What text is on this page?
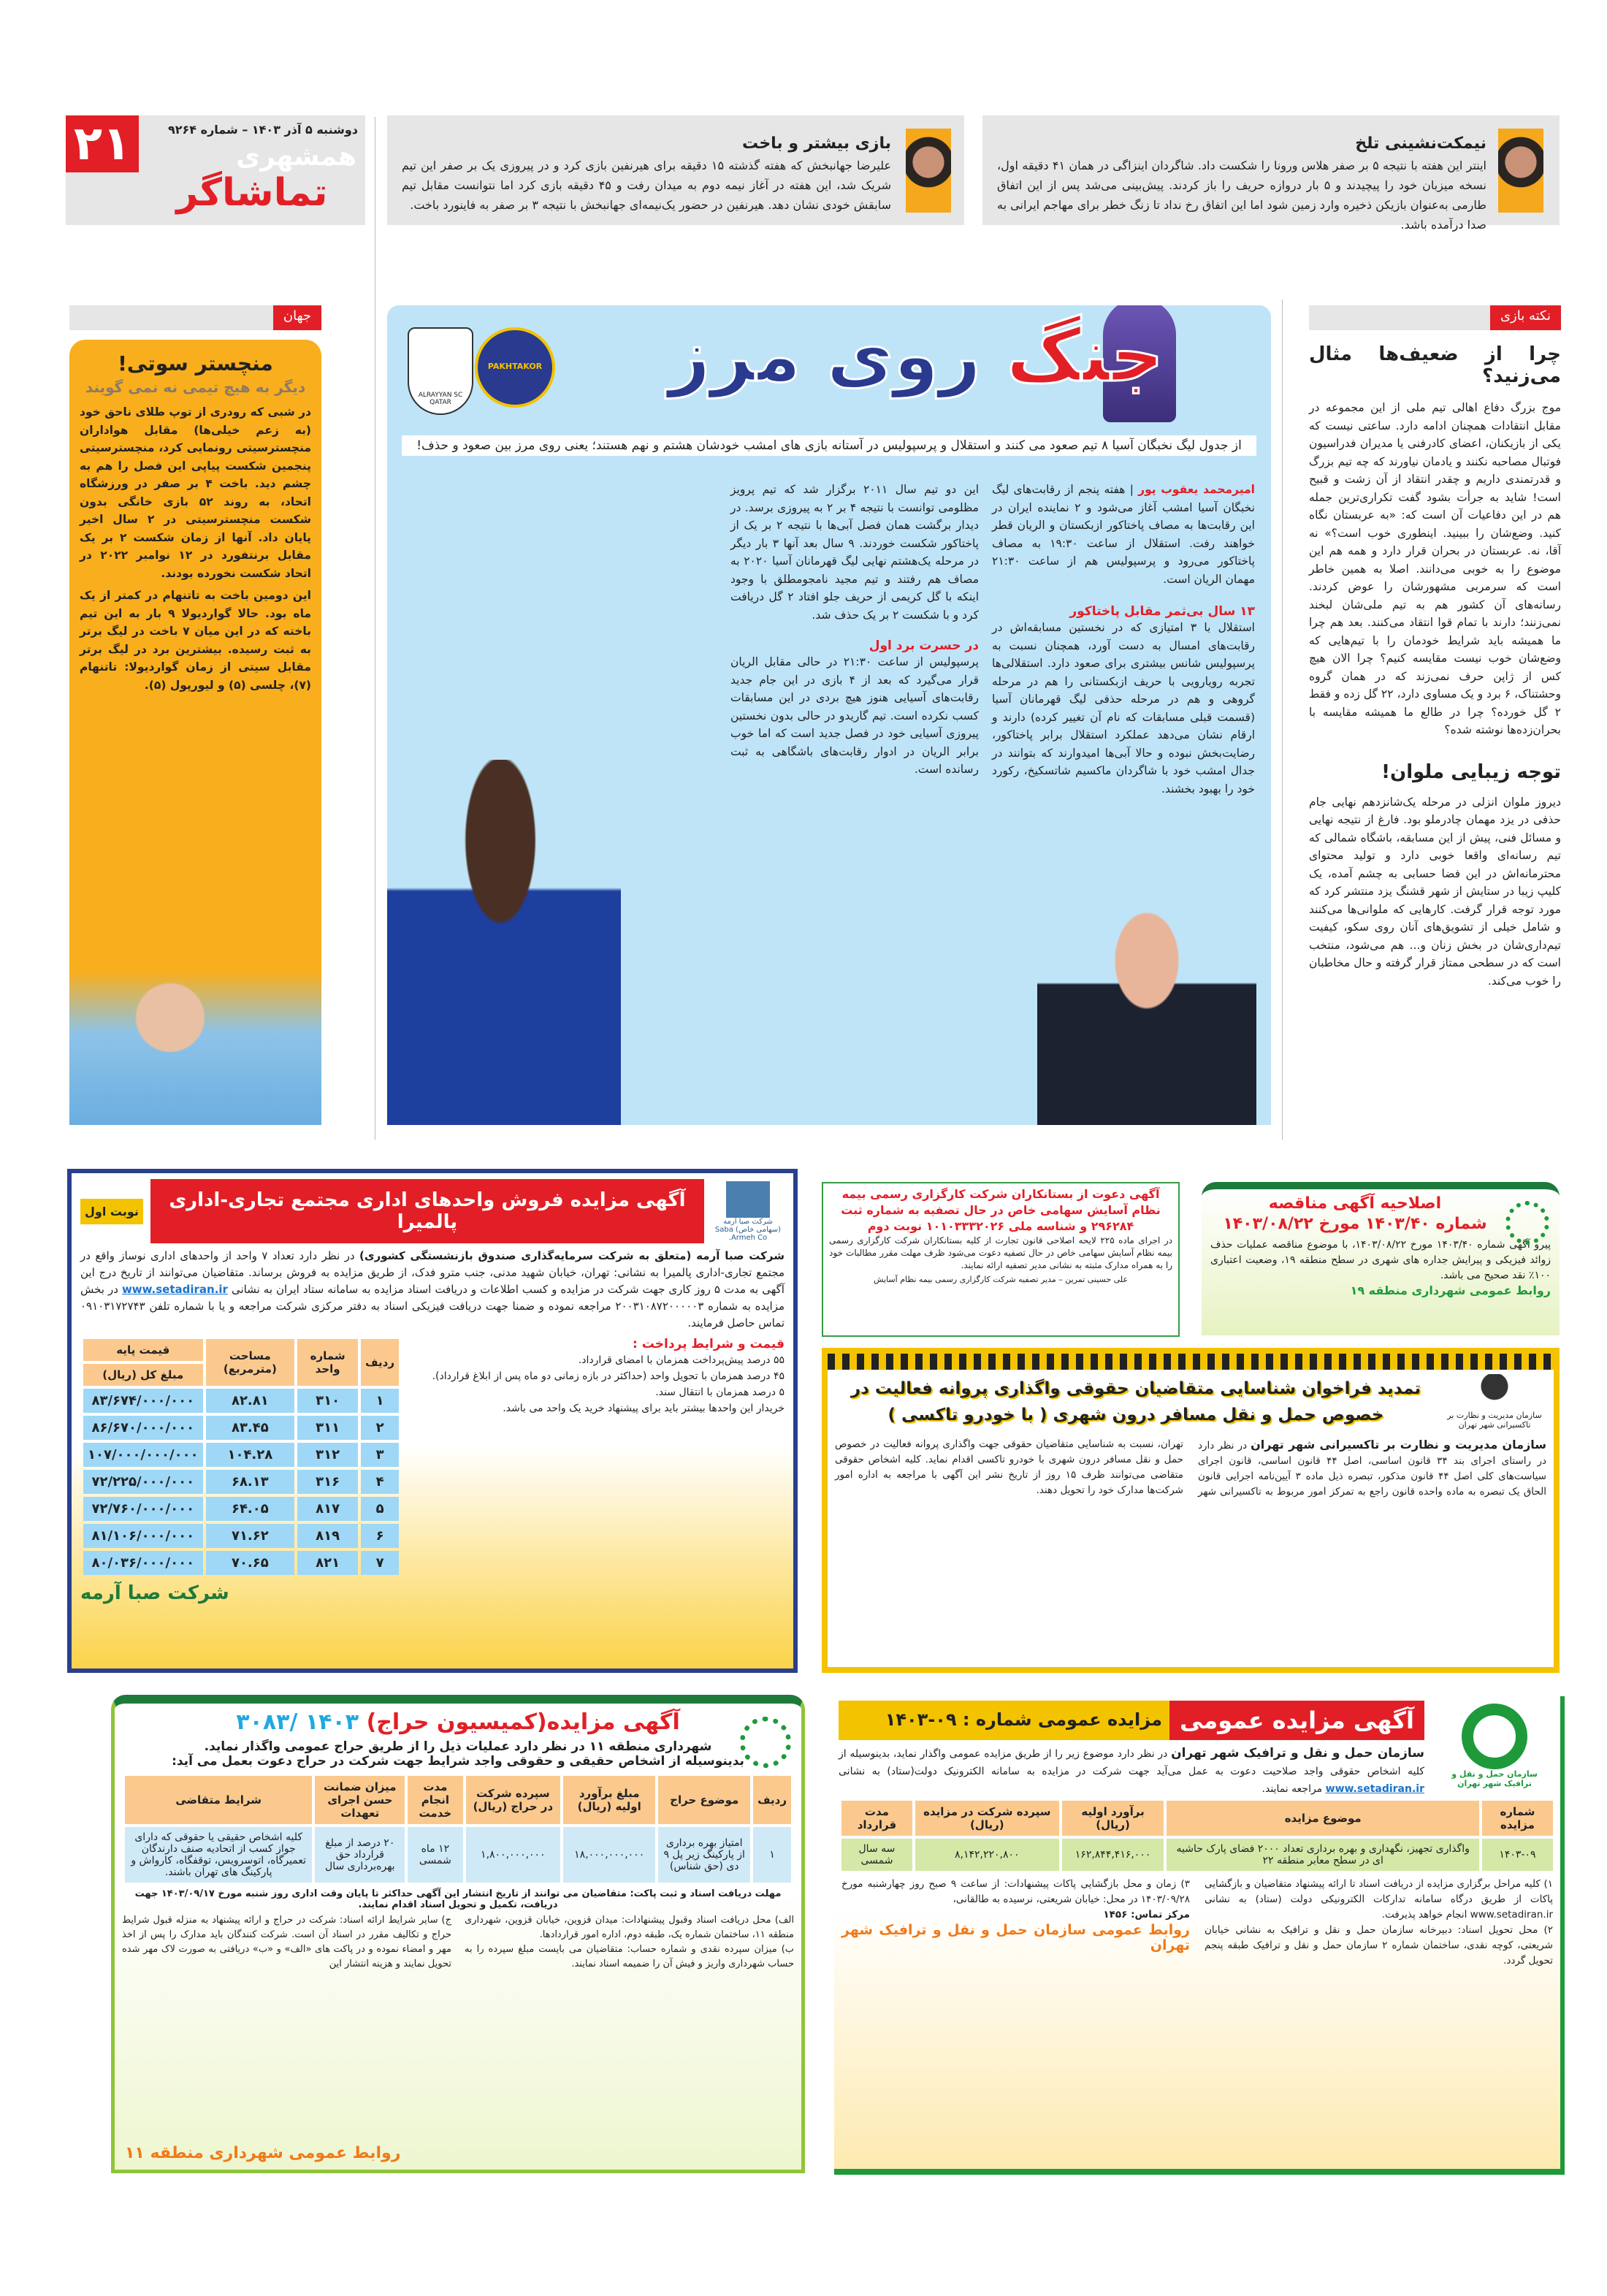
نیمکت‌نشینی تلخ
اینتر این هفته با نتیجه ۵ بر صفر هلاس ورونا را شکست داد. شاگردان اینزاگی در همان ۴۱ دقیقه اول، نسخه میزبان خود را پیچیدند و ۵ بار دروازه حریف را باز کردند. پیش‌بینی می‌شد پس از این اتفاق طارمی به‌عنوان بازیکن ذخیره وارد زمین شود اما این اتفاق رخ نداد تا زنگ خطر برای مهاجم ایرانی به صدا درآمده باشد.
بازی بیشتر و باخت
علیرضا جهانبخش که هفته گذشته ۱۵ دقیقه برای هیرنفین بازی کرد و در پیروزی یک بر صفر این تیم شریک شد، این هفته در آغاز نیمه دوم به میدان رفت و ۴۵ دقیقه بازی کرد اما نتوانست مقابل تیم سابقش خودی نشان دهد. هیرنفین در حضور یک‌نیمه‌ای جهانبخش با نتیجه ۳ بر صفر به فاینورد باخت.
۲۱	دوشنبه ۵ آذر ۱۴۰۳ – شماره ۹۲۶۴
همشهری
تماشاگر
جهان
منچستر سوتی!
دیگر به هیچ تیمی نه نمی گویند

در شبی که رودری از توپ طلای ناحق خود (به زعم خیلی‌ها) مقابل هواداران منچسترسیتی رونمایی کرد، منچسترسیتی پنجمین شکست پیاپی این فصل را هم به چشم دید. باخت ۴ بر صفر در ورزشگاه اتحاد، به روند ۵۲ بازی خانگی بدون شکست منچسترسیتی در ۲ سال اخیر پایان داد. آنها از زمان شکست ۲ بر یک مقابل برنتفورد در ۱۲ نوامبر ۲۰۲۲ در اتحاد شکست نخورده بودند.

این دومین باخت به تاتنهام در کمتر از یک ماه بود. حالا گواردیولا ۹ بار به این تیم باخته که در این میان ۷ باخت در لیگ برتر به ثبت رسیده. بیشترین برد در لیگ برتر مقابل سیتی از زمان گواردیولا: تاتنهام (۷)، چلسی (۵) و لیورپول (۵).

نکته بازی
چرا از ضعیف‌ها مثال می‌زنید؟

موج بزرگ دفاع اهالی تیم ملی از این مجموعه در مقابل انتقادات همچنان ادامه دارد. ساعتی نیست که یکی از بازیکنان، اعضای کادرفنی یا مدیران فدراسیون فوتبال مصاحبه نکنند و یادمان نیاورند که چه تیم بزرگ و قدرتمندی داریم و چقدر انتقاد از آن زشت و قبیح است! شاید به جرأت بشود گفت تکراری‌ترین جمله هم در این دفاعیات آن است که: «به عربستان نگاه کنید. وضع‌شان را ببینید. اینطوری خوب است؟» نه آقا، نه. عربستان در بحران قرار دارد و همه هم این موضوع را به خوبی می‌دانند. اصلا به همین خاطر است که سرمربی مشهورشان را عوض کردند. رسانه‌های آن کشور هم به تیم ملی‌شان لبخند نمی‌زنند؛ دارند با تمام قوا انتقاد می‌کنند. بعد هم چرا ما همیشه باید شرایط خودمان را با تیم‌هایی که وضع‌شان خوب نیست مقایسه کنیم؟ چرا الان هیچ کس از ژاپن حرف نمی‌زند که در همان گروه وحشتناک، ۶ برد و یک مساوی دارد، ۲۲ گل زده و فقط ۲ گل خورده؟ چرا در طالع ما همیشه مقایسه با بحران‌زده‌ها نوشته شده؟

توجه زیبایی ملوان!

دیروز ملوان انزلی در مرحله یک‌شانزدهم نهایی جام حذفی در یزد مهمان چادرملو بود. فارغ از نتیجه نهایی و مسائل فنی، پیش از این مسابقه، باشگاه شمالی که تیم رسانه‌ای واقعا خوبی دارد و تولید محتوای محترمانه‌اش در این فضا حسابی به چشم آمده، یک کلیپ زیبا در ستایش از شهر قشنگ یزد منتشر کرد که مورد توجه قرار گرفت. کارهایی که ملوانی‌ها می‌کنند و شامل خیلی از تشویق‌های آنان روی سکو، کیفیت تیم‌داری‌شان در بخش زنان و... هم می‌شود، منتخب است که در سطحی ممتاز قرار گرفته و حال مخاطبان را خوب می‌کند.

جنگ روی مرز
PAKHTAKOR
ALRAYYAN SC QATAR
از جدول لیگ نخبگان آسیا ۸ تیم صعود می کنند و استقلال و پرسپولیس در آستانه بازی های امشب خودشان هشتم و نهم هستند؛ یعنی روی مرز بین صعود و حذف!

امیرمحمد یعقوب پور | هفته پنجم از رقابت‌های لیگ نخبگان آسیا امشب آغاز می‌شود و ۲ نماینده ایران در این رقابت‌ها به مصاف پاختاکور ازبکستان و الریان قطر خواهند رفت. استقلال از ساعت ۱۹:۳۰ به مصاف پاختاکور می‌رود و پرسپولیس هم از ساعت ۲۱:۳۰ مهمان الریان است.

۱۳ سال بی‌ثمر مقابل پاختاکور

استقلال با ۳ امتیازی که در نخستین مسابقه‌اش در رقابت‌های امسال به دست آورد، همچنان نسبت به پرسپولیس شانس بیشتری برای صعود دارد. استقلالی‌ها تجربه رویارویی با حریف ازبکستانی را هم در مرحله گروهی و هم در مرحله حذفی لیگ قهرمانان آسیا (قسمت قبلی مسابقات که نام آن تغییر کرده) دارند و ارقام نشان می‌دهد عملکرد استقلال برابر پاختاکور، رضایت‌بخش نبوده و حالا آبی‌ها امیدوارند که بتوانند در جدال امشب خود با شاگردان ماکسیم شاتسکیخ، رکورد خود را بهبود بخشند.

این دو تیم سال ۲۰۱۱ برگزار شد که تیم پرویز مظلومی توانست با نتیجه ۴ بر ۲ به پیروزی برسد. در دیدار برگشت همان فصل آبی‌ها با نتیجه ۲ بر یک از پاختاکور شکست خوردند. ۹ سال بعد آنها ۳ بار دیگر در مرحله یک‌هشتم نهایی لیگ قهرمانان آسیا ۲۰۲۰ به مصاف هم رفتند و تیم مجید نامجومطلق با وجود اینکه با گل کریمی از حریف جلو افتاد ۲ گل دریافت کرد و با شکست ۲ بر یک حذف شد.

در حسرت برد اول

پرسپولیس از ساعت ۲۱:۳۰ در حالی مقابل الریان قرار می‌گیرد که بعد از ۴ بازی در این جام جدید رقابت‌های آسیایی هنوز هیچ بردی در این مسابقات کسب نکرده است. تیم گاریدو در حالی بدون نخستین پیروزی آسیایی خود در فصل جدید است که اما خوب برابر الریان در ادوار رقابت‌های باشگاهی به ثبت رسانده است.

شرکت صبا آرمه (سهامی خاص) Saba Armeh Co.
آگهی مزایده فروش واحدهای اداری مجتمع تجاری-اداری پالمیرا
نوبت اول

شرکت صبا آرمه (متعلق به شرکت سرمایه‌گذاری صندوق بازنشستگی کشوری) در نظر دارد تعداد ۷ واحد از واحدهای اداری نوساز واقع در مجتمع تجاری-اداری پالمیرا به نشانی: تهران، خیابان شهید مدنی، جنب مترو فدک، از طریق مزایده به فروش برساند. متقاضیان می‌توانند از تاریخ درج این آگهی به مدت ۵ روز کاری جهت شرکت در مزایده و کسب اطلاعات و دریافت اسناد مزایده به سامانه ستاد ایران به نشانی www.setadiran.ir در بخش مزایده به شماره ۲۰۰۳۱۰۸۷۲۰۰۰۰۰۳ مراجعه نموده و ضمنا جهت دریافت فیزیکی اسناد به دفتر مرکزی شرکت مراجعه و یا با شماره تلفن ۰۹۱۰۳۱۷۲۷۴۳ تماس حاصل فرمایند.

قیمت و شرایط پرداخت :
۵۵ درصد پیش‌پرداخت همزمان با امضای قرارداد.
۴۵ درصد همزمان با تحویل واحد (حداکثر در بازه زمانی دو ماه پس از ابلاغ قرارداد).
۵ درصد همزمان با انتقال سند.
خریدار این واحدها بیشتر باید برای پیشنهاد خرید یک واحد می باشد.
ردیف	شماره واحد	مساحت (مترمربع)	قیمت پایه
			مبلغ کل (ریال)
۱	۳۱۰	۸۲.۸۱	۸۳/۶۷۴/۰۰۰/۰۰۰
۲	۳۱۱	۸۳.۴۵	۸۶/۶۷۰/۰۰۰/۰۰۰
۳	۳۱۲	۱۰۴.۲۸	۱۰۷/۰۰۰/۰۰۰/۰۰۰
۴	۳۱۶	۶۸.۱۳	۷۲/۲۲۵/۰۰۰/۰۰۰
۵	۸۱۷	۶۴.۰۵	۷۲/۷۶۰/۰۰۰/۰۰۰
۶	۸۱۹	۷۱.۶۲	۸۱/۱۰۶/۰۰۰/۰۰۰
۷	۸۲۱	۷۰.۶۵	۸۰/۰۳۶/۰۰۰/۰۰۰
شرکت صبا آرمه
آگهی دعوت از بستانکاران شرکت کارگزاری رسمی بیمه نظام آسایش سهامی خاص در حال تصفیه به شماره ثبت ۲۹۶۲۸۴ و شناسه ملی ۱۰۱۰۳۳۳۲۰۲۶ نوبت دوم

در اجرای ماده ۲۲۵ لایحه اصلاحی قانون تجارت از کلیه بستانکاران شرکت کارگزاری رسمی بیمه نظام آسایش سهامی خاص در حال تصفیه دعوت می‌شود ظرف مهلت مقرر مطالبات خود را به همراه مدارک مثبته به نشانی مدیر تصفیه ارائه نمایند.

علی حسینی تمرین – مدیر تصفیه شرکت کارگزاری رسمی بیمه نظام آسایش

اصلاحیه آگهی مناقصه
شماره ۱۴۰۳/۴۰ مورخ ۱۴۰۳/۰۸/۲۲

پیرو آگهی شماره ۱۴۰۳/۴۰ مورخ ۱۴۰۳/۰۸/۲۲، با موضوع مناقصه عملیات حذف زوائد فیزیکی و پیرایش جداره های شهری در سطح منطقه ۱۹، وضعیت اعتباری ۱۰۰٪ نقد صحیح می باشد.

روابط عمومی شهرداری منطقه ۱۹
سازمان مدیریت و نظارت بر تاکسیرانی شهر تهران
تمدید فراخوان شناسایی متقاضیان حقوقی واگذاری پروانه فعالیت در خصوص حمل و نقل مسافر درون شهری ( با خودرو تاکسی )

سازمان مدیریت و نظارت بر تاکسیرانی شهر تهران در نظر دارد در راستای اجرای بند ۳۴ قانون اساسی، اصل ۴۴ قانون اساسی، قانون اجرای سیاست‌های کلی اصل ۴۴ قانون مذکور، تبصره ذیل ماده ۳ آیین‌نامه اجرایی قانون الحاق یک تبصره به ماده واحده قانون راجع به تمرکز امور مربوط به تاکسیرانی شهر تهران، نسبت به شناسایی متقاضیان حقوقی جهت واگذاری پروانه فعالیت در خصوص حمل و نقل مسافر درون شهری با خودرو تاکسی اقدام نماید. کلیه اشخاص حقوقی متقاضی می‌توانند ظرف ۱۵ روز از تاریخ نشر این آگهی با مراجعه به اداره امور شرکت‌ها مدارک خود را تحویل دهند.

آگهی مزایده(کمیسیون حراج) ۱۴۰۳ /۳۰۸۳
شهرداری منطقه ۱۱ در نظر دارد عملیات ذیل را از طریق حراج عمومی واگذار نماید.
بدینوسیله از اشخاص حقیقی و حقوقی واجد شرایط جهت شرکت در حراج دعوت بعمل می آید:
ردیف	موضوع حراج	مبلغ برآورد اولیه (ریال)	سپرده شرکت در حراج (ریال)	مدت انجام خدمت	میزان ضمانت حسن اجرای تعهدات	شرایط متقاضی
۱	امتیاز بهره برداری از پارکینگ زیر پل ۹ دی (حق شناس)	۱۸,۰۰۰,۰۰۰,۰۰۰	۱,۸۰۰,۰۰۰,۰۰۰	۱۲ ماه شمسی	۲۰ درصد از مبلغ قرارداد حق بهره‌برداری سال	کلیه اشخاص حقیقی یا حقوقی که دارای جواز کسب از اتحادیه صنف دارندگان تعمیرگاه، اتوسرویس، توقفگاه، کارواش و پارکینگ های تهران باشند.

مهلت دریافت اسناد و ثبت پاکت: متقاضیان می توانند از تاریخ انتشار این آگهی حداکثر تا پایان وقت اداری روز شنبه مورخ ۱۴۰۳/۰۹/۱۷ جهت دریافت، تکمیل و تحویل اسناد اقدام نمایند.

الف) محل دریافت اسناد وقبول پیشنهادات: میدان قزوین، خیابان قزوین، شهرداری منطقه ۱۱، ساختمان شماره یک، طبقه دوم، اداره امور قراردادها.

ب) میزان سپرده نقدی و شماره حساب: متقاضیان می بایست مبلغ سپرده را به حساب شهرداری واریز و فیش آن را ضمیمه اسناد نمایند.

ج) سایر شرایط ارائه اسناد: شرکت در حراج و ارائه پیشنهاد به منزله قبول شرایط حراج و تکالیف مقرر در اسناد آن است. شرکت کنندگان باید مدارک را پس از اخذ مهر و امضاء نموده و در پاکت های «الف» و «ب» دریافتی به صورت لاک مهر شده تحویل نمایند و هزینه انتشار این

روابط عمومی شهرداری منطقه ۱۱
آگهی مزایده عمومی
مزایده عمومی شماره : ۰۹-۱۴۰۳
سازمان حمل و نقل و ترافیک شهر تهران

سازمان حمل و نقل و ترافیک شهر تهران در نظر دارد موضوع زیر را از طریق مزایده عمومی واگذار نماید، بدینوسیله از کلیه اشخاص حقوقی واجد صلاحیت دعوت به عمل می‌آید جهت شرکت در مزایده به سامانه الکترونیک دولت(ستاد) به نشانی www.setadiran.ir مراجعه نمایند.

شماره مزایده	موضوع مزایده	برآورد اولیه (ریال)	سپرده شرکت در مزایده (ریال)	مدت قرارداد
۱۴۰۳-۰۹	واگذاری تجهیز، نگهداری و بهره برداری تعداد ۲۰۰۰ فضای پارک حاشیه ای در سطح معابر منطقه ۲۲	۱۶۲,۸۴۴,۴۱۶,۰۰۰	۸,۱۴۲,۲۲۰,۸۰۰	سه سال شمسی

۱) کلیه مراحل برگزاری مزایده از دریافت اسناد تا ارائه پیشنهاد متقاضیان و بازگشایی پاکات از طریق درگاه سامانه تدارکات الکترونیکی دولت (ستاد) به نشانی www.setadiran.ir انجام خواهد پذیرفت.

۲) محل تحویل اسناد: دبیرخانه سازمان حمل و نقل و ترافیک به نشانی خیابان شریعتی، کوچه نقدی، ساختمان شماره ۲ سازمان حمل و نقل و ترافیک طبقه پنجم تحویل گردد.

۳) زمان و محل بازگشایی پاکات پیشنهادات: از ساعت ۹ صبح روز چهارشنبه مورخ ۱۴۰۳/۰۹/۲۸ در محل: خیابان شریعتی، نرسیده به طالقانی،

مرکز تماس: ۱۴۵۶

روابط عمومی سازمان حمل و نقل و ترافیک شهر تهران
